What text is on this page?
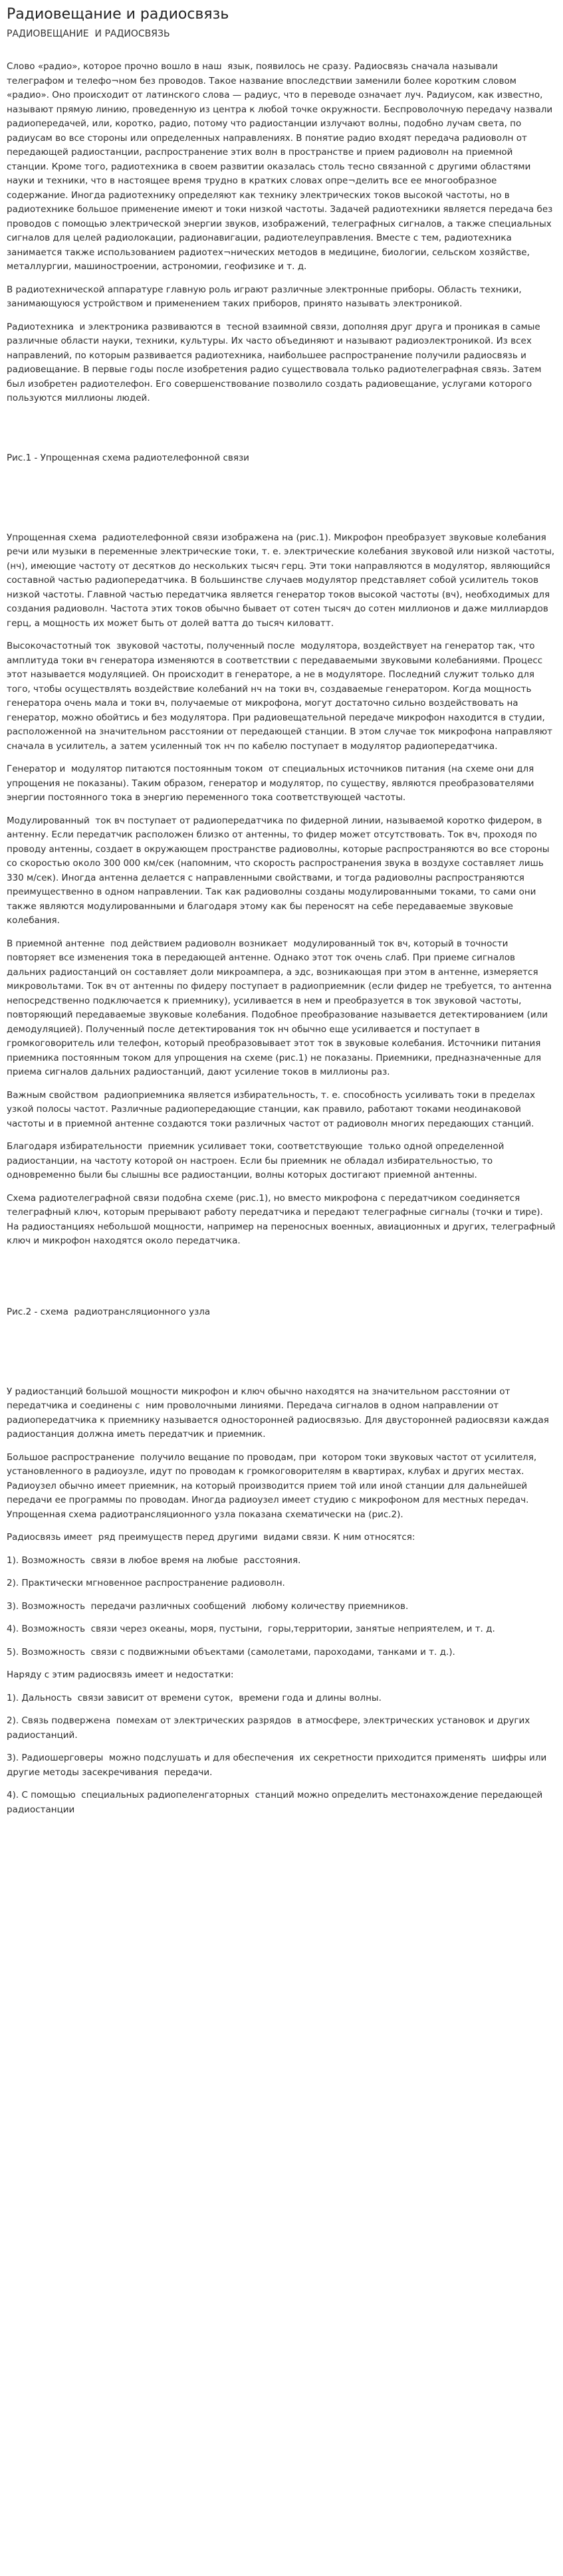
Радиовещание и радиосвязь
РАДИОВЕЩАНИЕ  И РАДИОСВЯЗЬ

Слово «радио», которое прочно вошло в наш  язык, появилось не сразу. Радиосвязь сначала называли телеграфом и телефо¬ном без проводов. Такое название впоследствии заменили более коротким словом «радио». Оно происходит от латинского слова — радиус, что в переводе означает луч. Радиусом, как известно, называют прямую линию, проведенную из центра к любой точке окружности. Беспроволочную передачу назвали радиопередачей, или, коротко, радио, потому что радиостанции излучают волны, подобно лучам света, по радиусам во все стороны или определенных направлениях. В понятие радио входят передача радиоволн от передающей радиостанции, распространение этих волн в пространстве и прием радиоволн на приемной станции. Кроме того, радиотехника в своем развитии оказалась столь тесно связанной с другими областями науки и техники, что в настоящее время трудно в кратких словах опре¬делить все ее многообразное содержание. Иногда радиотехнику определяют как технику электрических токов высокой частоты, но в радиотехнике большое применение имеют и токи низкой частоты. Задачей радиотехники является передача без проводов с помощью электрической энергии звуков, изображений, телеграфных сигналов, а также специальных сигналов для целей радиолокации, радионавигации, радиотелеуправления. Вместе с тем, радиотехника занимается также использованием радиотех¬нических методов в медицине, биологии, сельском хозяйстве, металлургии, машиностроении, астрономии, геофизике и т. д.

В радиотехнической аппаратуре главную роль играют различные электронные приборы. Область техники, занимающуюся устройством и применением таких приборов, принято называть электроникой.

Радиотехника  и электроника развиваются в  тесной взаимной связи, дополняя друг друга и проникая в самые различные области науки, техники, культуры. Их часто объединяют и называют радиоэлектроникой. Из всех направлений, по которым развивается радиотехника, наибольшее распространение получили радиосвязь и радиовещание. В первые годы после изобретения радио существовала только радиотелеграфная связь. Затем был изобретен радиотелефон. Его совершенствование позволило создать радиовещание, услугами которого пользуются миллионы людей.

Рис.1 - Упрощенная схема радиотелефонной связи

Упрощенная схема  радиотелефонной связи изображена на (рис.1). Микрофон преобразует звуковые колебания речи или музыки в переменные электрические токи, т. е. электрические колебания звуковой или низкой частоты, (нч), имеющие частоту от десятков до нескольких тысяч герц. Эти токи направляются в модулятор, являющийся составной частью радиопередатчика. В большинстве случаев модулятор представляет собой усилитель токов низкой частоты. Главной частью передатчика является генератор токов высокой частоты (вч), необходимых для создания радиоволн. Частота этих токов обычно бывает от сотен тысяч до сотен миллионов и даже миллиардов герц, а мощность их может быть от долей ватта до тысяч киловатт.

Высокочастотный ток  звуковой частоты, полученный после  модулятора, воздействует на генератор так, что амплитуда токи вч генератора изменяются в соответствии с передаваемыми звуковыми колебаниями. Процесс этот называется модуляцией. Он происходит в генераторе, а не в модуляторе. Последний служит только для того, чтобы осуществлять воздействие колебаний нч на токи вч, создаваемые генератором. Когда мощность генератора очень мала и токи вч, получаемые от микрофона, могут достаточно сильно воздействовать на генератор, можно обойтись и без модулятора. При радиовещательной передаче микрофон находится в студии, расположенной на значительном расстоянии от передающей станции. В этом случае ток микрофона направляют сначала в усилитель, а затем усиленный ток нч по кабелю поступает в модулятор радиопередатчика.

Генератор и  модулятор питаются постоянным током  от специальных источников питания (на схеме они для упрощения не показаны). Таким образом, генератор и модулятор, по существу, являются преобразователями энергии постоянного тока в энергию переменного тока соответствующей частоты.

Модулированный  ток вч поступает от радиопередатчика по фидерной линии, называемой коротко фидером, в антенну. Если передатчик расположен близко от антенны, то фидер может отсутствовать. Ток вч, проходя по проводу антенны, создает в окружающем пространстве радиоволны, которые распространяются во все стороны со скоростью около 300 000 км/сек (напомним, что скорость распространения звука в воздухе составляет лишь 330 м/сек). Иногда антенна делается с направленными свойствами, и тогда радиоволны распространяются преимущественно в одном направлении. Так как радиоволны созданы модулированными токами, то сами они также являются модулированными и благодаря этому как бы переносят на себе передаваемые звуковые колебания.

В приемной антенне  под действием радиоволн возникает  модулированный ток вч, который в точности повторяет все изменения тока в передающей антенне. Однако этот ток очень слаб. При приеме сигналов дальних радиостанций он составляет доли микроампера, а эдс, возникающая при этом в антенне, измеряется микровольтами. Ток вч от антенны по фидеру поступает в радиоприемник (если фидер не требуется, то антенна непосредственно подключается к приемнику), усиливается в нем и преобразуется в ток звуковой частоты, повторяющий передаваемые звуковые колебания. Подобное преобразование называется детектированием (или демодуляцией). Полученный после детектирования ток нч обычно еще усиливается и поступает в громкоговоритель или телефон, который преобразовывает этот ток в звуковые колебания. Источники питания приемника постоянным током для упрощения на схеме (рис.1) не показаны. Приемники, предназначенные для приема сигналов дальних радиостанций, дают усиление токов в миллионы раз.

Важным свойством  радиоприемника является избирательность, т. е. способность усиливать токи в пределах узкой полосы частот. Различные радиопередающие станции, как правило, работают токами неодинаковой частоты и в приемной антенне создаются токи различных частот от радиоволн многих передающих станций.

Благодаря избирательности  приемник усиливает токи, соответствующие  только одной определенной радиостанции, на частоту которой он настроен. Если бы приемник не обладал избирательностью, то одновременно были бы слышны все радиостанции, волны которых достигают приемной антенны.

Схема радиотелеграфной связи подобна схеме (рис.1), но вместо микрофона с передатчиком соединяется телеграфный ключ, которым прерывают работу передатчика и передают телеграфные сигналы (точки и тире). На радиостанциях небольшой мощности, например на переносных военных, авиационных и других, телеграфный ключ и микрофон находятся около передатчика.

Рис.2 - схема  радиотрансляционного узла

У радиостанций большой мощности микрофон и ключ обычно находятся на значительном расстоянии от передатчика и соединены с  ним проволочными линиями. Передача сигналов в одном направлении от радиопередатчика к приемнику называется односторонней радиосвязью. Для двусторонней радиосвязи каждая радиостанция должна иметь передатчик и приемник.

Большое распространение  получило вещание по проводам, при  котором токи звуковых частот от усилителя, установленного в радиоузле, идут по проводам к громкоговорителям в квартирах, клубах и других местах. Радиоузел обычно имеет приемник, на который производится прием той или иной станции для дальнейшей передачи ее программы по проводам. Иногда радиоузел имеет студию с микрофоном для местных передач. Упрощенная схема радиотрансляционного узла показана схематически на (рис.2).

Радиосвязь имеет  ряд преимуществ перед другими  видами связи. К ним относятся:

1). Возможность  связи в любое время на любые  расстояния.

2). Практически мгновенное распространение радиоволн.

3). Возможность  передачи различных сообщений  любому количеству приемников.

4). Возможность  связи через океаны, моря, пустыни,  горы,территории, занятые неприятелем, и т. д.

5). Возможность  связи с подвижными объектами (самолетами, пароходами, танками и т. д.).

Наряду с этим радиосвязь имеет и недостатки:

1). Дальность  связи зависит от времени суток,  времени года и длины волны.

2). Связь подвержена  помехам от электрических разрядов  в атмосфере, электрических установок и других радиостанций.

3). Радиошерговеры  можно подслушать и для обеспечения  их секретности приходится применять  шифры или другие методы засекречивания  передачи.

4). С помощью  специальных радиопеленгаторных  станций можно определить местонахождение передающей радиостанции
